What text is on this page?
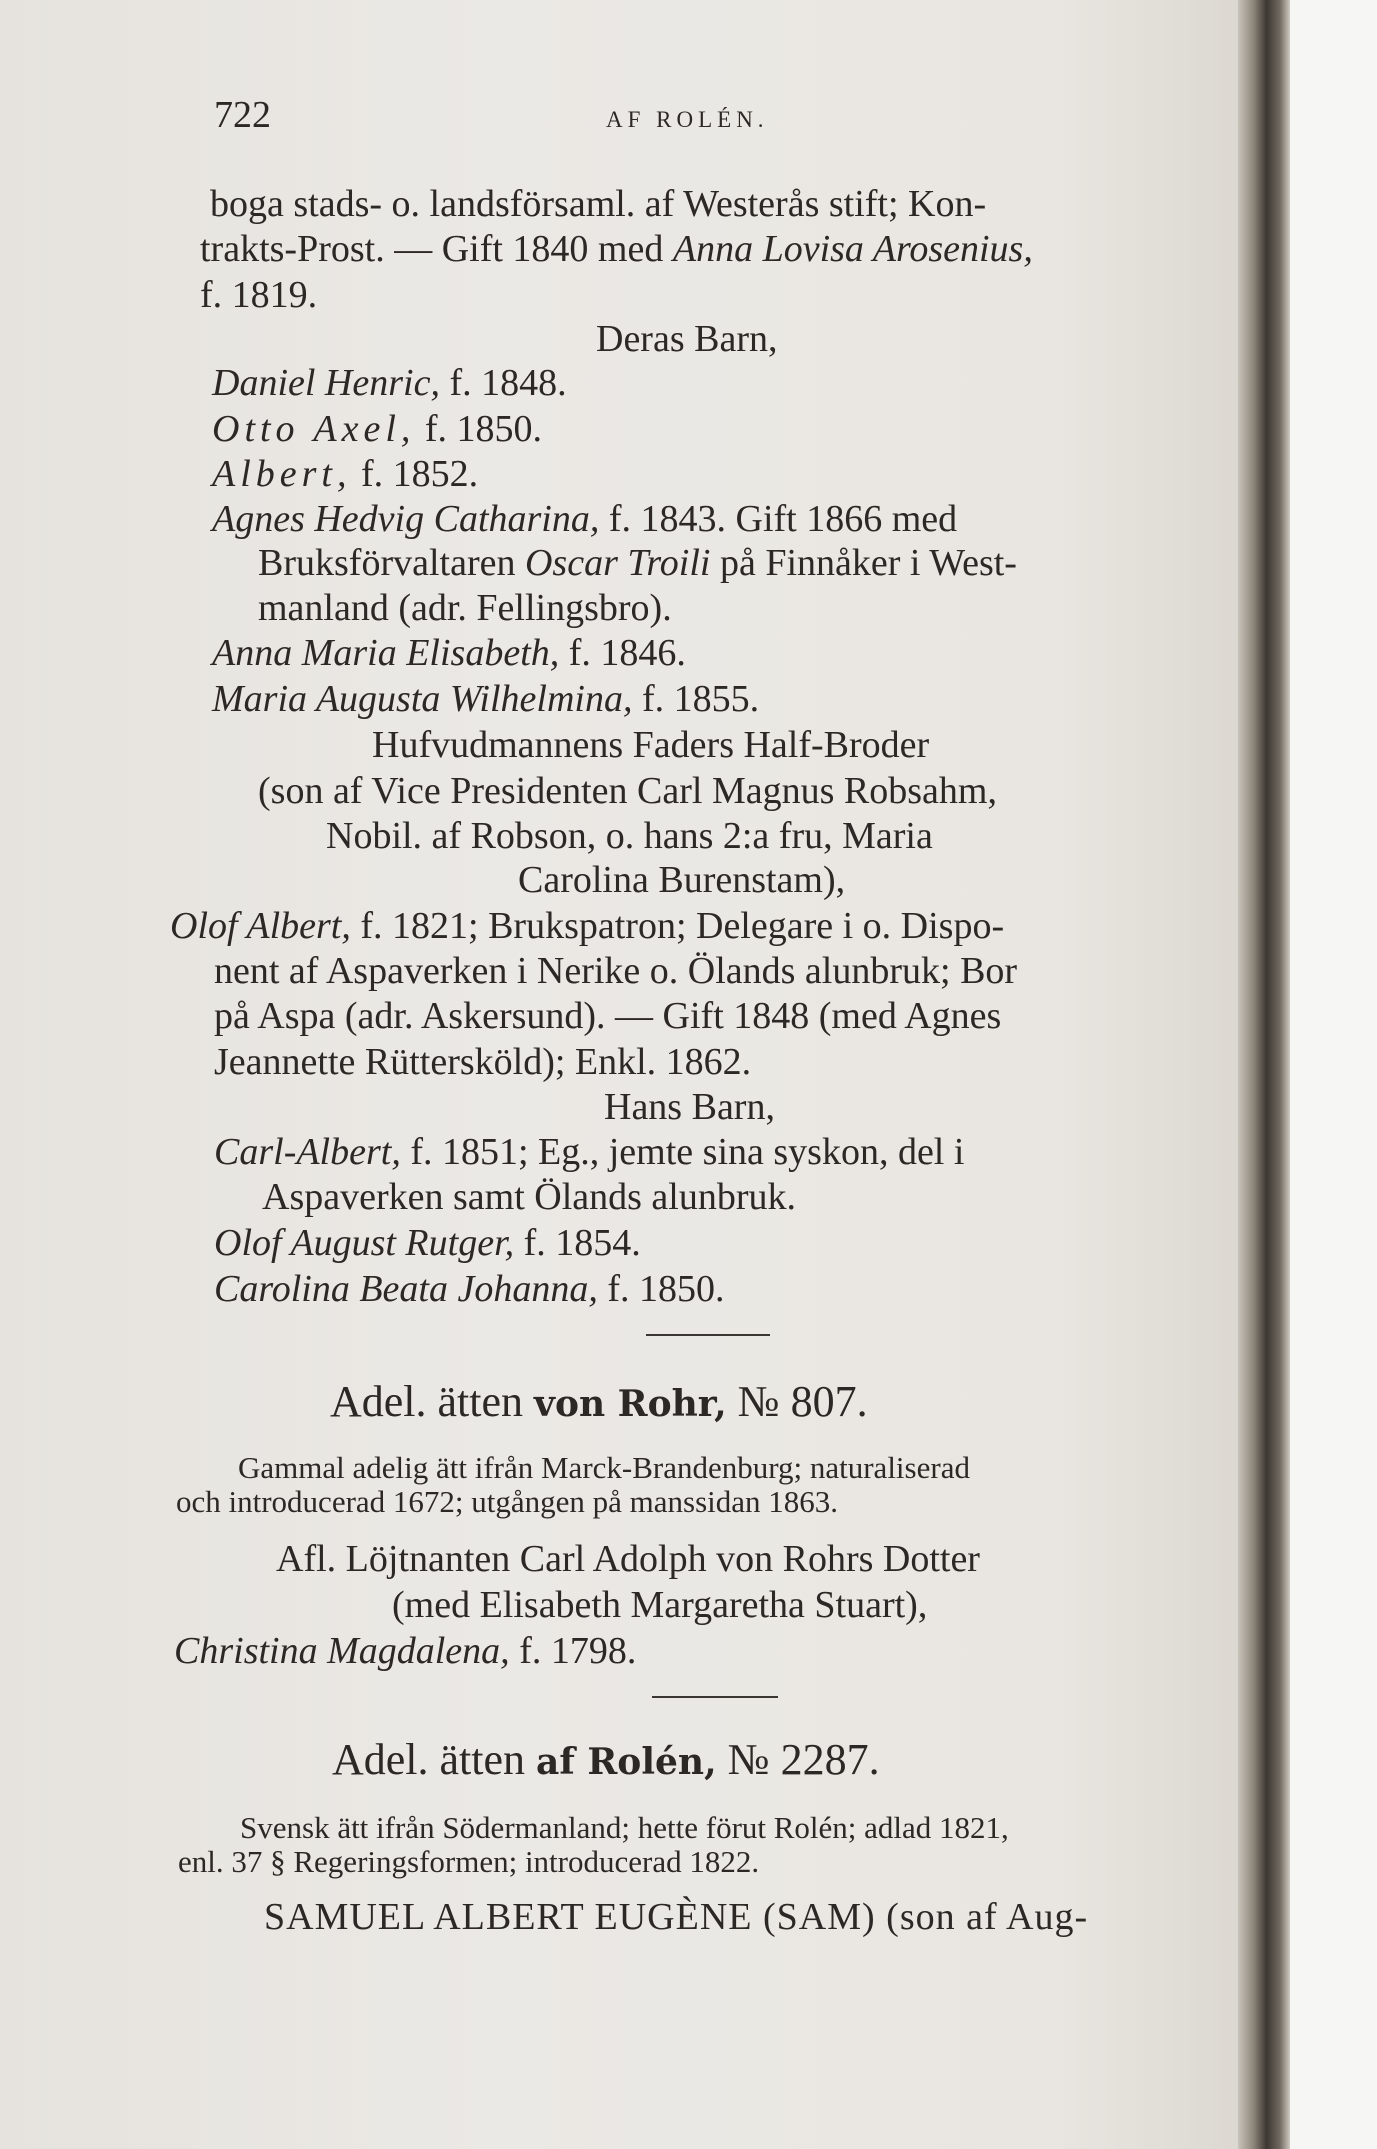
722	AF ROLÉN.
boga stads- o. landsförsaml. af Westerås stift; Kon-
trakts-Prost. — Gift 1840 med Anna Lovisa Arosenius,
f. 1819.
Deras Barn,
Daniel Henric, f. 1848.
Otto Axel, f. 1850.
Albert, f. 1852.
Agnes Hedvig Catharina, f. 1843. Gift 1866 med
Bruksförvaltaren Oscar Troili på Finnåker i West-
manland (adr. Fellingsbro).
Anna Maria Elisabeth, f. 1846.
Maria Augusta Wilhelmina, f. 1855.
Hufvudmannens Faders Half-Broder
(son af Vice Presidenten Carl Magnus Robsahm,
Nobil. af Robson, o. hans 2:a fru, Maria
Carolina Burenstam),
Olof Albert, f. 1821; Brukspatron; Delegare i o. Dispo-
nent af Aspaverken i Nerike o. Ölands alunbruk; Bor
på Aspa (adr. Askersund). — Gift 1848 (med Agnes
Jeannette Rüttersköld); Enkl. 1862.
Hans Barn,
Carl-Albert, f. 1851; Eg., jemte sina syskon, del i
Aspaverken samt Ölands alunbruk.
Olof August Rutger, f. 1854.
Carolina Beata Johanna, f. 1850.
Adel. ätten von Rohr, № 807.
Gammal adelig ätt ifrån Marck-Brandenburg; naturaliserad
och introducerad 1672; utgången på manssidan 1863.
Afl. Löjtnanten Carl Adolph von Rohrs Dotter
(med Elisabeth Margaretha Stuart),
Christina Magdalena, f. 1798.
Adel. ätten af Rolén, № 2287.
Svensk ätt ifrån Södermanland; hette förut Rolén; adlad 1821,
enl. 37 § Regeringsformen; introducerad 1822.
SAMUEL ALBERT EUGÈNE (SAM) (son af Aug-
